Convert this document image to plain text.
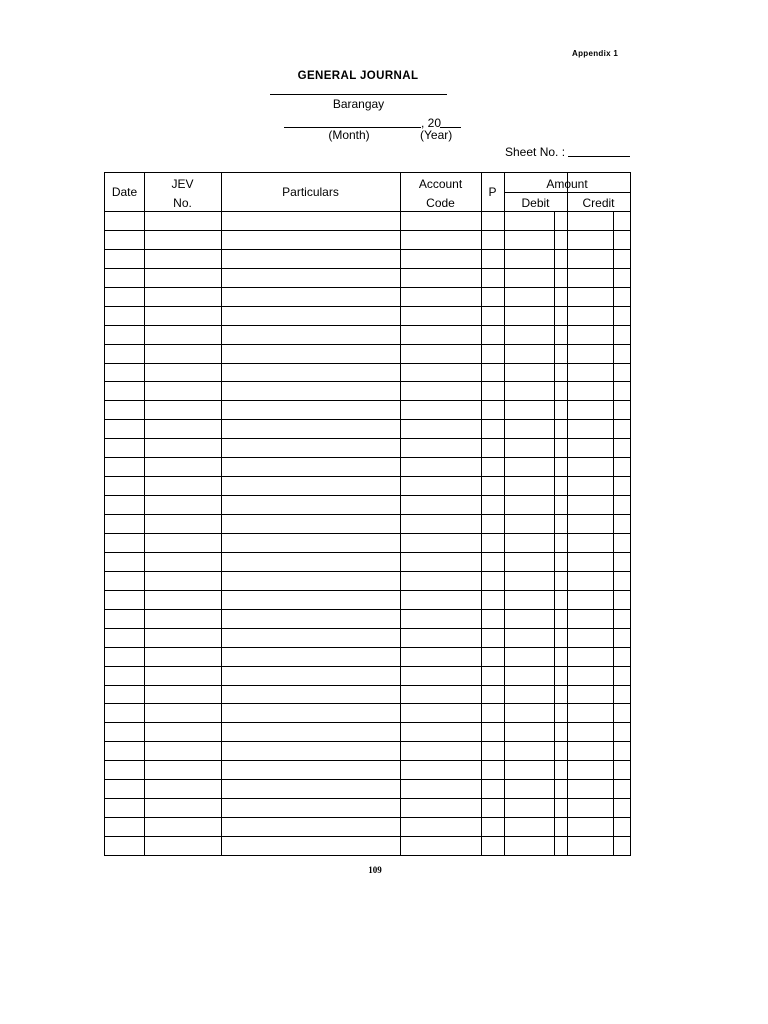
Appendix 1
GENERAL JOURNAL
Barangay
, 20
(Month)	(Year)
Sheet No. :
Date
JEV
No.
Particulars
Account
Code
P
Amount
Debit	Credit
109
